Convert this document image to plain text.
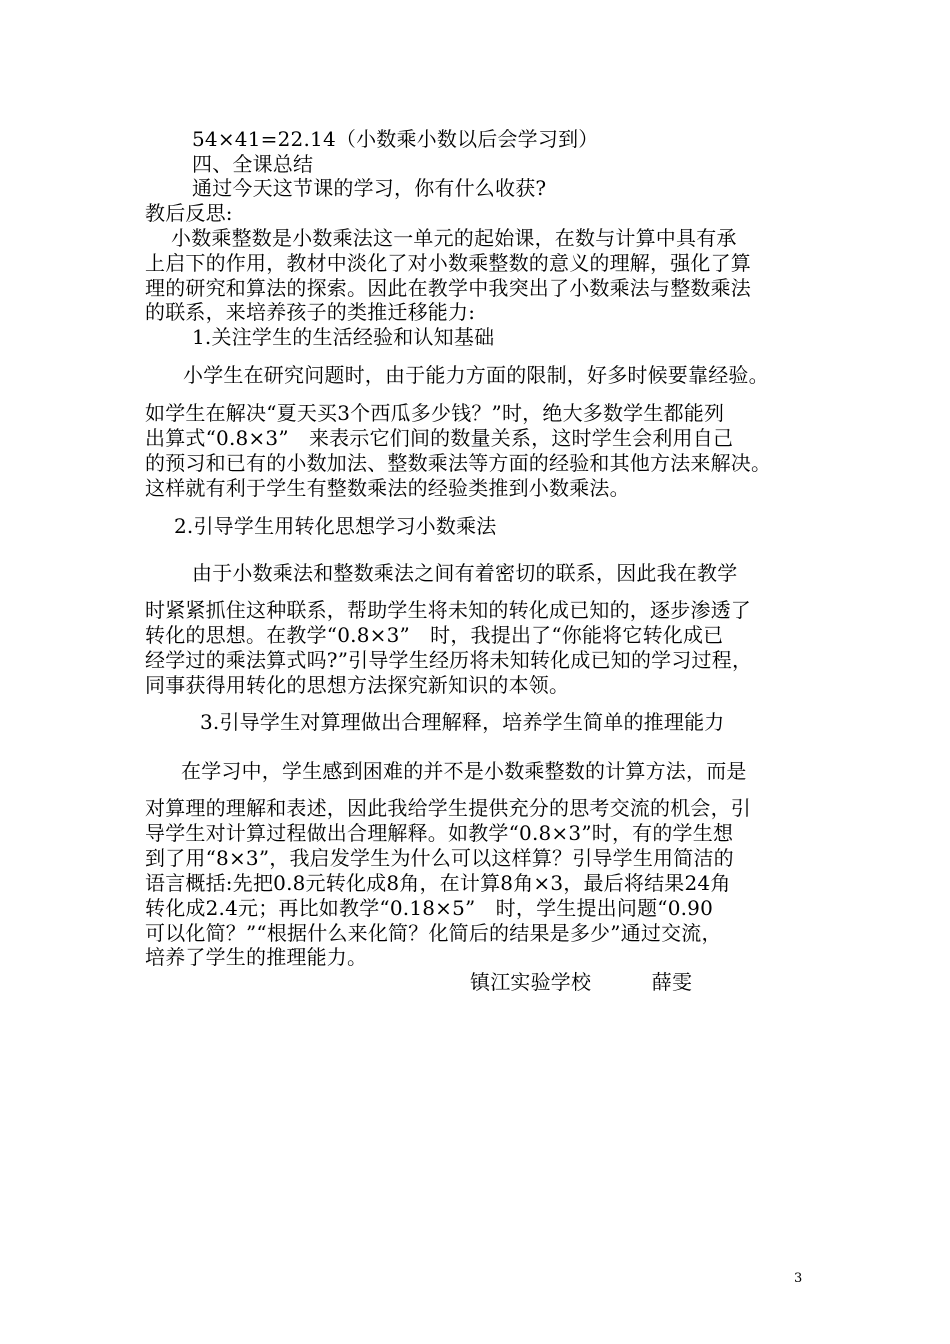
54×41=22.14（小数乘小数以后会学习到）
四、全课总结
通过今天这节课的学习，你有什么收获?
教后反思:
小数乘整数是小数乘法这一单元的起始课，在数与计算中具有承
上启下的作用，教材中淡化了对小数乘整数的意义的理解，强化了算
理的研究和算法的探索。因此在教学中我突出了小数乘法与整数乘法
的联系，来培养孩子的类推迁移能力:
1.关注学生的生活经验和认知基础
小学生在研究问题时，由于能力方面的限制，好多时候要靠经验。
如学生在解决“夏天买3个西瓜多少钱？”时，绝大多数学生都能列
出算式“0.8×3”　来表示它们间的数量关系，这时学生会利用自己
的预习和已有的小数加法、整数乘法等方面的经验和其他方法来解决。
这样就有利于学生有整数乘法的经验类推到小数乘法。
2.引导学生用转化思想学习小数乘法
由于小数乘法和整数乘法之间有着密切的联系，因此我在教学
时紧紧抓住这种联系，帮助学生将未知的转化成已知的，逐步渗透了
转化的思想。在教学“0.8×3”　时，我提出了“你能将它转化成已
经学过的乘法算式吗?”引导学生经历将未知转化成已知的学习过程，
同事获得用转化的思想方法探究新知识的本领。
3.引导学生对算理做出合理解释，培养学生简单的推理能力
在学习中，学生感到困难的并不是小数乘整数的计算方法，而是
对算理的理解和表述，因此我给学生提供充分的思考交流的机会，引
导学生对计算过程做出合理解释。如教学“0.8×3”时，有的学生想
到了用“8×3”，我启发学生为什么可以这样算？引导学生用简洁的
语言概括:先把0.8元转化成8角，在计算8角×3，最后将结果24角
转化成2.4元；再比如教学“0.18×5”　时，学生提出问题“0.90
可以化简？”“根据什么来化简？化简后的结果是多少”通过交流，
培养了学生的推理能力。
镇江实验学校　　　薛雯
3
